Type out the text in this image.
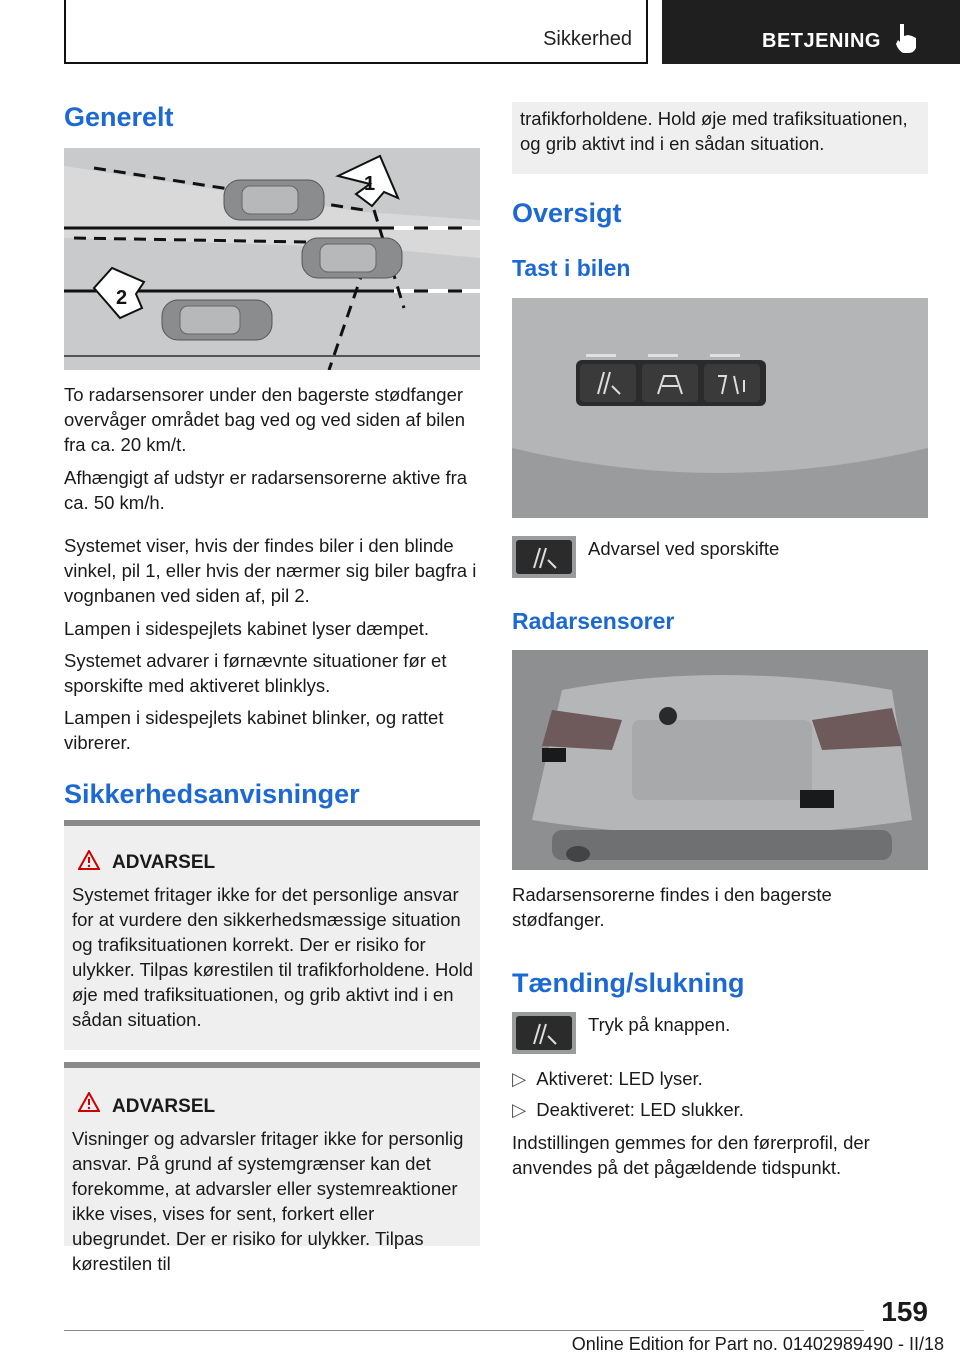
Sikkerhed	BETJENING
Generelt
1
2
To radarsensorer under den bagerste stødfanger overvåger området bag ved og ved siden af bilen fra ca. 20 km/t.
Afhængigt af udstyr er radarsensorerne aktive fra ca. 50 km/h.
Systemet viser, hvis der findes biler i den blinde vinkel, pil 1, eller hvis der nærmer sig biler bagfra i vognbanen ved siden af, pil 2.
Lampen i sidespejlets kabinet lyser dæmpet.
Systemet advarer i førnævnte situationer før et sporskifte med aktiveret blinklys.
Lampen i sidespejlets kabinet blinker, og rattet vibrerer.
Sikkerhedsanvisninger
ADVARSEL
Systemet fritager ikke for det personlige ansvar for at vurdere den sikkerhedsmæssige situation og trafiksituationen korrekt. Der er risiko for ulykker. Tilpas kørestilen til trafikforholdene. Hold øje med trafiksituationen, og grib aktivt ind i en sådan situation.
ADVARSEL
Visninger og advarsler fritager ikke for personlig ansvar. På grund af systemgrænser kan det forekomme, at advarsler eller systemreaktioner ikke vises, vises for sent, forkert eller ubegrundet. Der er risiko for ulykker. Tilpas kørestilen til
trafikforholdene. Hold øje med trafiksituationen, og grib aktivt ind i en sådan situation.
Oversigt
Tast i bilen
Advarsel ved sporskifte
Radarsensorer
Radarsensorerne findes i den bagerste stødfanger.
Tænding/slukning
Tryk på knappen.
▷ Aktiveret: LED lyser.
▷ Deaktiveret: LED slukker.
Indstillingen gemmes for den førerprofil, der anvendes på det pågældende tidspunkt.
159
Online Edition for Part no. 01402989490 - II/18
